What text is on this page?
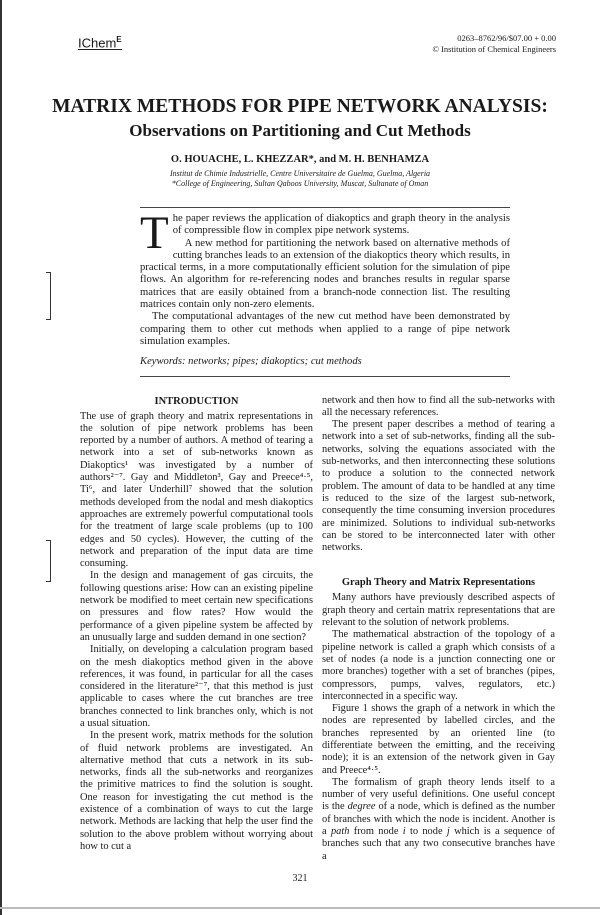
IChem$^E$	0263–8762/96/$07.00 + 0.00
© Institution of Chemical Engineers
MATRIX METHODS FOR PIPE NETWORK ANALYSIS:
Observations on Partitioning and Cut Methods
O. HOUACHE, L. KHEZZAR*, and M. H. BENHAMZA
Institut de Chimie Industrielle, Centre Universitaire de Guelma, Guelma, Algeria
*College of Engineering, Sultan Qaboos University, Muscat, Sultanate of Oman
T he paper reviews the application of diakoptics and graph theory in the analysis of compressible flow in complex pipe network systems.

A new method for partitioning the network based on alternative methods of cutting branches leads to an extension of the diakoptics theory which results, in practical terms, in a more computationally efficient solution for the simulation of pipe flows. An algorithm for re-referencing nodes and branches results in regular sparse matrices that are easily obtained from a branch-node connection list. The resulting matrices contain only non-zero elements.

The computational advantages of the new cut method have been demonstrated by comparing them to other cut methods when applied to a range of pipe network simulation examples.

Keywords: networks; pipes; diakoptics; cut methods
INTRODUCTION

The use of graph theory and matrix representations in the solution of pipe network problems has been reported by a number of authors. A method of tearing a network into a set of sub-networks known as Diakoptics¹ was investigated by a number of authors²⁻⁷. Gay and Middleton³, Gay and Preece⁴·⁵, Ti⁶, and later Underhill⁷ showed that the solution methods developed from the nodal and mesh diakoptics approaches are extremely powerful computational tools for the treatment of large scale problems (up to 100 edges and 50 cycles). However, the cutting of the network and preparation of the input data are time consuming.

In the design and management of gas circuits, the following questions arise: How can an existing pipeline network be modified to meet certain new specifications on pressures and flow rates? How would the performance of a given pipeline system be affected by an unusually large and sudden demand in one section?

Initially, on developing a calculation program based on the mesh diakoptics method given in the above references, it was found, in particular for all the cases considered in the literature²⁻⁷, that this method is just applicable to cases where the cut branches are tree branches connected to link branches only, which is not a usual situation.

In the present work, matrix methods for the solution of fluid network problems are investigated. An alternative method that cuts a network in its sub-networks, finds all the sub-networks and reorganizes the primitive matrices to find the solution is sought. One reason for investigating the cut method is the existence of a combination of ways to cut the large network. Methods are lacking that help the user find the solution to the above problem without worrying about how to cut a

network and then how to find all the sub-networks with all the necessary references.

The present paper describes a method of tearing a network into a set of sub-networks, finding all the sub-networks, solving the equations associated with the sub-networks, and then interconnecting these solutions to produce a solution to the connected network problem. The amount of data to be handled at any time is reduced to the size of the largest sub-network, consequently the time consuming inversion procedures are minimized. Solutions to individual sub-networks can be stored to be interconnected later with other networks.

Graph Theory and Matrix Representations

Many authors have previously described aspects of graph theory and certain matrix representations that are relevant to the solution of network problems.

The mathematical abstraction of the topology of a pipeline network is called a graph which consists of a set of nodes (a node is a junction connecting one or more branches) together with a set of branches (pipes, compressors, pumps, valves, regulators, etc.) interconnected in a specific way.

Figure 1 shows the graph of a network in which the nodes are represented by labelled circles, and the branches represented by an oriented line (to differentiate between the emitting, and the receiving node); it is an extension of the network given in Gay and Preece⁴·⁵.

The formalism of graph theory lends itself to a number of very useful definitions. One useful concept is the degree of a node, which is defined as the number of branches with which the node is incident. Another is a path from node i to node j which is a sequence of branches such that any two consecutive branches have a

321
